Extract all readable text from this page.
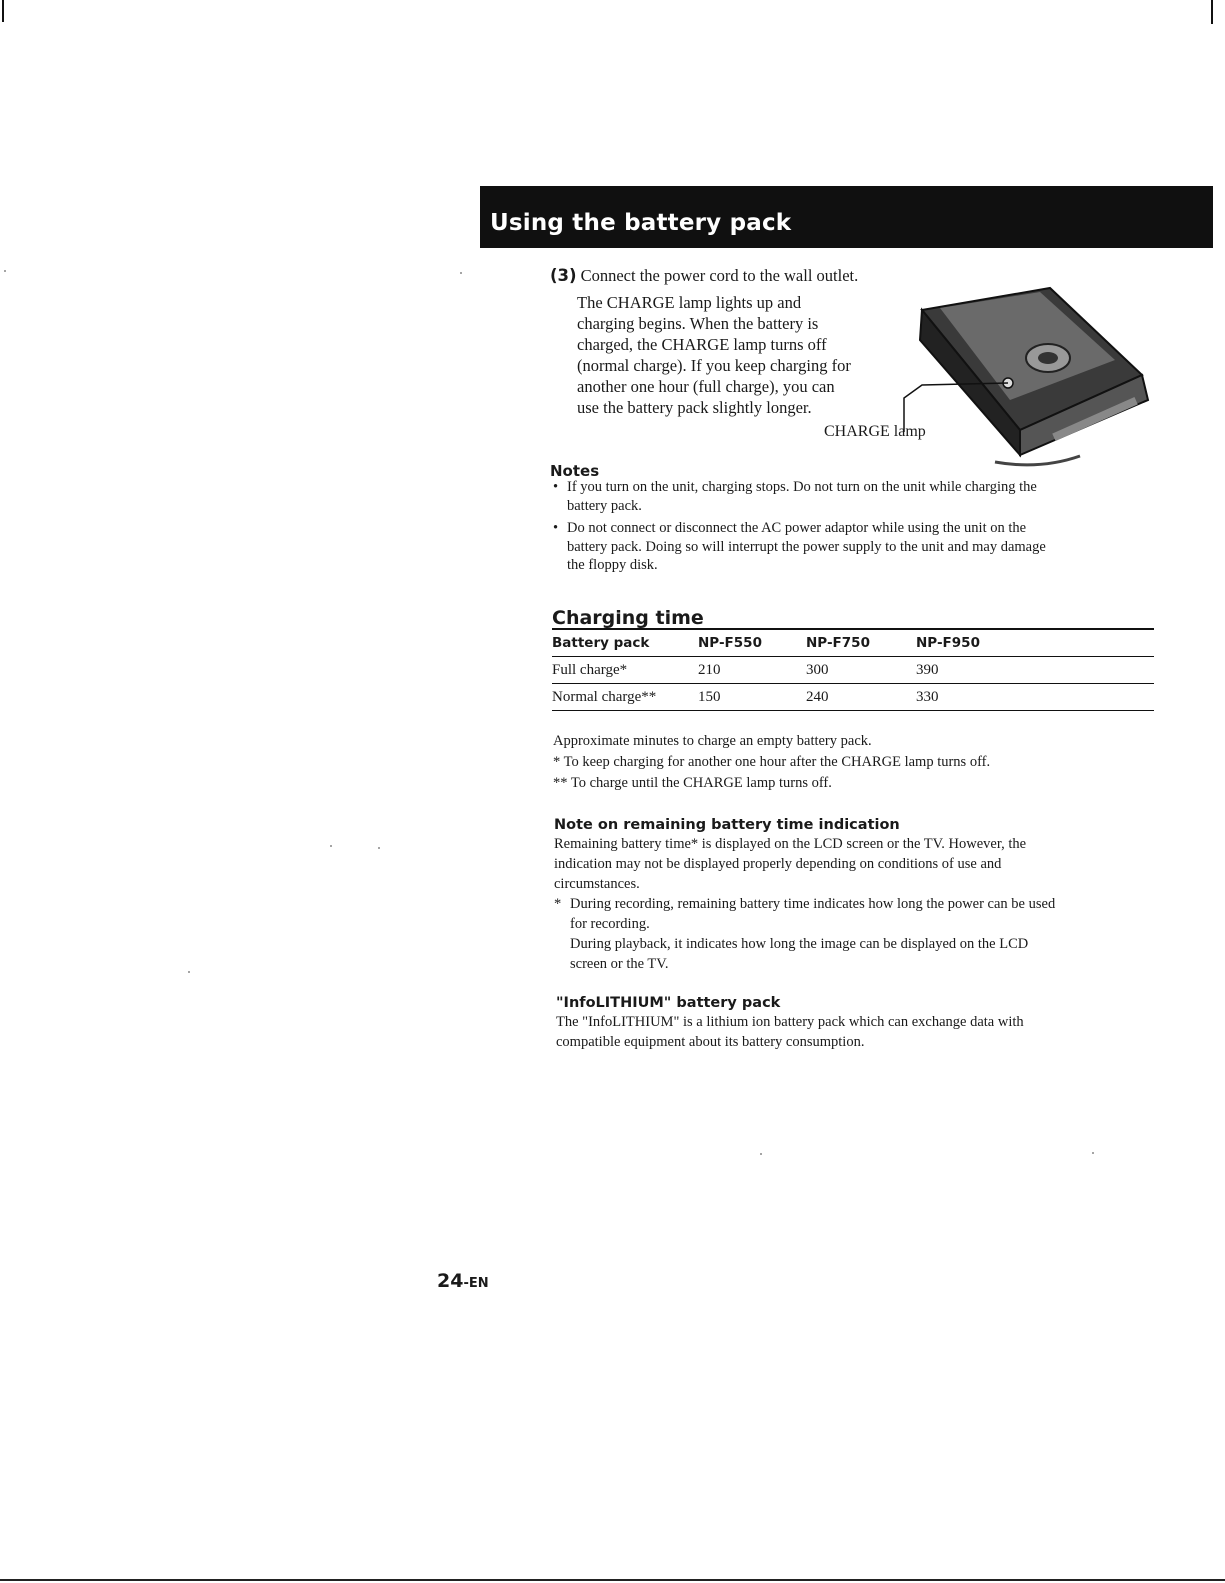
Using the battery pack
(3) Connect the power cord to the wall outlet.
The CHARGE lamp lights up and
charging begins. When the battery is
charged, the CHARGE lamp turns off
(normal charge). If you keep charging for
another one hour (full charge), you can
use the battery pack slightly longer.
CHARGE lamp
Notes
• If you turn on the unit, charging stops. Do not turn on the unit while charging the
battery pack.
• Do not connect or disconnect the AC power adaptor while using the unit on the
battery pack. Doing so will interrupt the power supply to the unit and may damage
the floppy disk.
Charging time
Battery pack	NP-F550	NP-F750	NP-F950
Full charge*	210	300	390
Normal charge**	150	240	330

Approximate minutes to charge an empty battery pack.

* To keep charging for another one hour after the CHARGE lamp turns off.

** To charge until the CHARGE lamp turns off.

Note on remaining battery time indication
Remaining battery time* is displayed on the LCD screen or the TV. However, the
indication may not be displayed properly depending on conditions of use and
circumstances.
* During recording, remaining battery time indicates how long the power can be used
for recording.
During playback, it indicates how long the image can be displayed on the LCD
screen or the TV.
"InfoLITHIUM" battery pack
The "InfoLITHIUM" is a lithium ion battery pack which can exchange data with
compatible equipment about its battery consumption.
24-EN
